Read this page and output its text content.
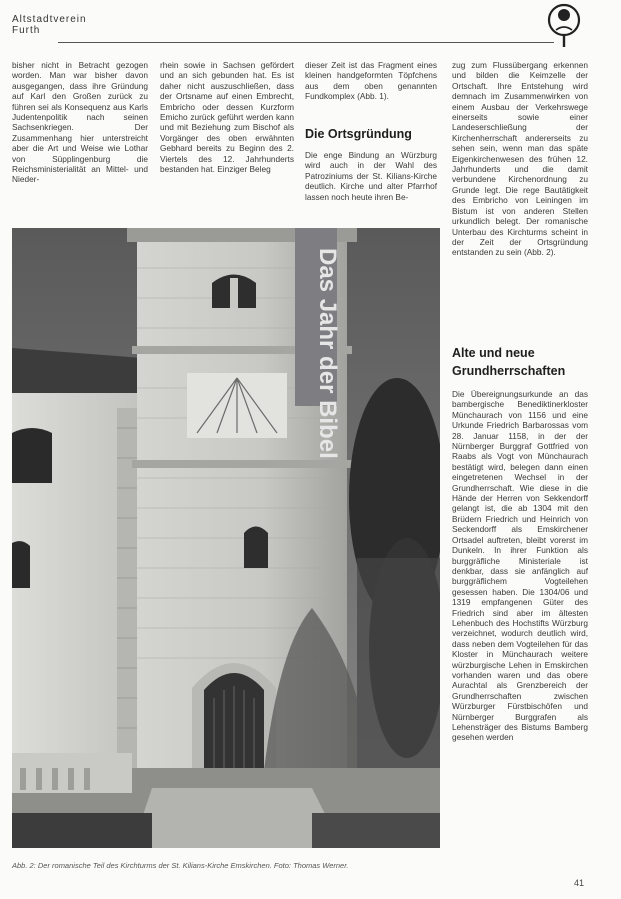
Altstadtverein
Furth
bisher nicht in Betracht gezogen worden. Man war bisher davon ausgegangen, dass ihre Gründung auf Karl den Großen zurück zu führen sei als Konsequenz aus Karls Judentenpolitik nach seinen Sachsenkriegen. Der Zusammenhang hier unterstreicht aber die Art und Weise wie Lothar von Süpplingenburg die Reichsministerialität an Mittel- und Nieder-
rhein sowie in Sachsen gefördert und an sich gebunden hat. Es ist daher nicht auszuschließen, dass der Ortsname auf einen Embrecht, Embricho oder dessen Kurzform Emicho zurück geführt werden kann und mit Beziehung zum Bischof als Vorgänger des oben erwähnten Gebhard bereits zu Beginn des 2. Viertels des 12. Jahrhunderts bestanden hat. Einziger Beleg
dieser Zeit ist das Fragment eines kleinen handgeformten Töpfchens aus dem oben genannten Fundkomplex (Abb. 1).
Die Ortsgründung
Die enge Bindung an Würzburg wird auch in der Wahl des Patroziniums der St. Kilians-Kirche deutlich. Kirche und alter Pfarrhof lassen noch heute ihren Be-
zug zum Flussübergang erkennen und bilden die Keimzelle der Ortschaft. Ihre Entstehung wird demnach im Zusammenwirken von einem Ausbau der Verkehrswege einerseits sowie einer Landeserschließung der Kirchenherrschaft andererseits zu sehen sein, wenn man das späte Eigenkirchenwesen des frühen 12. Jahrhunderts und die damit verbundene Kirchenordnung zu Grunde legt. Die rege Bautätigkeit des Embricho von Leiningen im Bistum ist von anderen Stellen urkundlich belegt. Der romanische Unterbau des Kirchturms scheint in der Zeit der Ortsgründung entstanden zu sein (Abb. 2).
Alte und neue Grundherrschaften
Die Übereignungsurkunde an das bambergische Benediktinerkloster Münchaurach von 1156 und eine Urkunde Friedrich Barbarossas vom 28. Januar 1158, in der der Nürnberger Burggraf Gottfried von Raabs als Vogt von Münchaurach bestätigt wird, belegen dann einen eingetretenen Wechsel in der Grundherrschaft. Wie diese in die Hände der Herren von Sekkendorff gelangt ist, die ab 1304 mit den Brüdern Friedrich und Heinrich von Seckendorff als Emskirchener Ortsadel auftreten, bleibt vorerst im Dunkeln. In ihrer Funktion als burggräfliche Ministeriale ist denkbar, dass sie anfänglich auf burggräflichem Vogteilehen gesessen haben. Die 1304/06 und 1319 empfangenen Güter des Friedrich sind aber im ältesten Lehenbuch des Hochstifts Würzburg verzeichnet, wodurch deutlich wird, dass neben dem Vogteilehen für das Kloster in Münchaurach weitere würzburgische Lehen in Emskirchen vorhanden waren und das obere Aurachtal als Grenzbereich der Grundherrschaften zwischen Würzburger Fürstbischöfen und Nürnberger Burggrafen als Lehensträger des Bistums Bamberg gesehen werden
Das Jahr der Bibel
Abb. 2: Der romanische Teil des Kirchturms der St. Kilians-Kirche Emskirchen. Foto: Thomas Werner.
41
